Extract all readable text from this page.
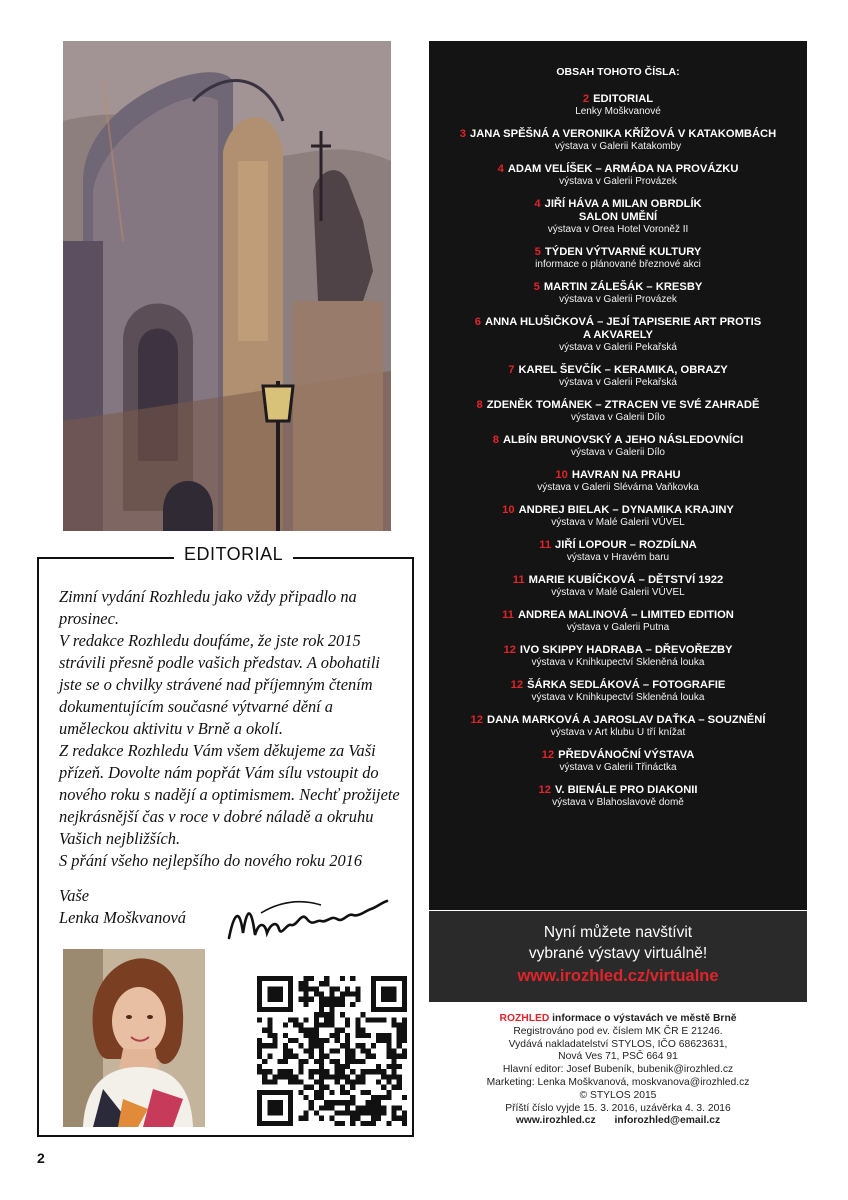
EDITORIAL

Zimní vydání Rozhledu jako vždy připadlo na prosinec.

V redakce Rozhledu doufáme, že jste rok 2015 strávili přesně podle vašich představ. A obohatili jste se o chvilky strávené nad příjemným čtením dokumentujícím současné výtvarné dění a uměleckou aktivitu v Brně a okolí.

Z redakce Rozhledu Vám všem děkujeme za Vaši přízeň. Dovolte nám popřát Vám sílu vstoupit do nového roku s nadějí a optimismem. Nechť prožijete nejkrásnější čas v roce v dobré náladě a okruhu Vašich nejbližších.

S přání všeho nejlepšího do nového roku 2016

Vaše
Lenka Moškvanová
2
OBSAH TOHOTO ČÍSLA:
2 EDITORIAL
Lenky Moškvanové
3 JANA SPĚŠNÁ A VERONIKA KŘÍŽOVÁ V KATAKOMBÁCH
výstava v Galerii Katakomby
4 ADAM VELÍŠEK – ARMÁDA NA PROVÁZKU
výstava v Galerii Provázek
4 JIŘÍ HÁVA A MILAN OBRDLÍK
SALON UMĚNÍ
výstava v Orea Hotel Voroněž II
5 TÝDEN VÝTVARNÉ KULTURY
informace o plánované březnové akci
5 MARTIN ZÁLEŠÁK – KRESBY
výstava v Galerii Provázek
6 ANNA HLUŠIČKOVÁ – JEJÍ TAPISERIE ART PROTIS
A AKVARELY
výstava v Galerii Pekařská
7 KAREL ŠEVČÍK – KERAMIKA, OBRAZY
výstava v Galerii Pekařská
8 ZDENĚK TOMÁNEK – ZTRACEN VE SVÉ ZAHRADĚ
výstava v Galerii Dílo
8 ALBÍN BRUNOVSKÝ A JEHO NÁSLEDOVNÍCI
výstava v Galerii Dílo
10 HAVRAN NA PRAHU
výstava v Galerii Slévárna Vaňkovka
10 ANDREJ BIELAK – DYNAMIKA KRAJINY
výstava v Malé Galerii VÚVEL
11 JIŘÍ LOPOUR – ROZDÍLNA
výstava v Hravém baru
11 MARIE KUBÍČKOVÁ – DĚTSTVÍ 1922
výstava v Malé Galerii VÚVEL
11 ANDREA MALINOVÁ – LIMITED EDITION
výstava v Galerii Putna
12 IVO SKIPPY HADRABA – DŘEVOŘEZBY
výstava v Knihkupectví Skleněná louka
12 ŠÁRKA SEDLÁKOVÁ – FOTOGRAFIE
výstava v Knihkupectví Skleněná louka
12 DANA MARKOVÁ A JAROSLAV DAŤKA – SOUZNĚNÍ
výstava v Art klubu U tří knížat
12 PŘEDVÁNOČNÍ VÝSTAVA
výstava v Galerii Třináctka
12 V. BIENÁLE PRO DIAKONII
výstava v Blahoslavově domě
Nyní můžete navštívit
vybrané výstavy virtuálně!
www.irozhled.cz/virtualne
ROZHLED informace o výstavách ve městě Brně
Registrováno pod ev. číslem MK ČR E 21246.
Vydává nakladatelství STYLOS, IČO 68623631,
Nová Ves 71, PSČ 664 91
Hlavní editor: Josef Bubeník, bubenik@irozhled.cz
Marketing: Lenka Moškvanová, moskvanova@irozhled.cz
© STYLOS 2015
Příští číslo vyjde 15. 3. 2016, uzávěrka 4. 3. 2016
www.irozhled.cz inforozhled@email.cz
